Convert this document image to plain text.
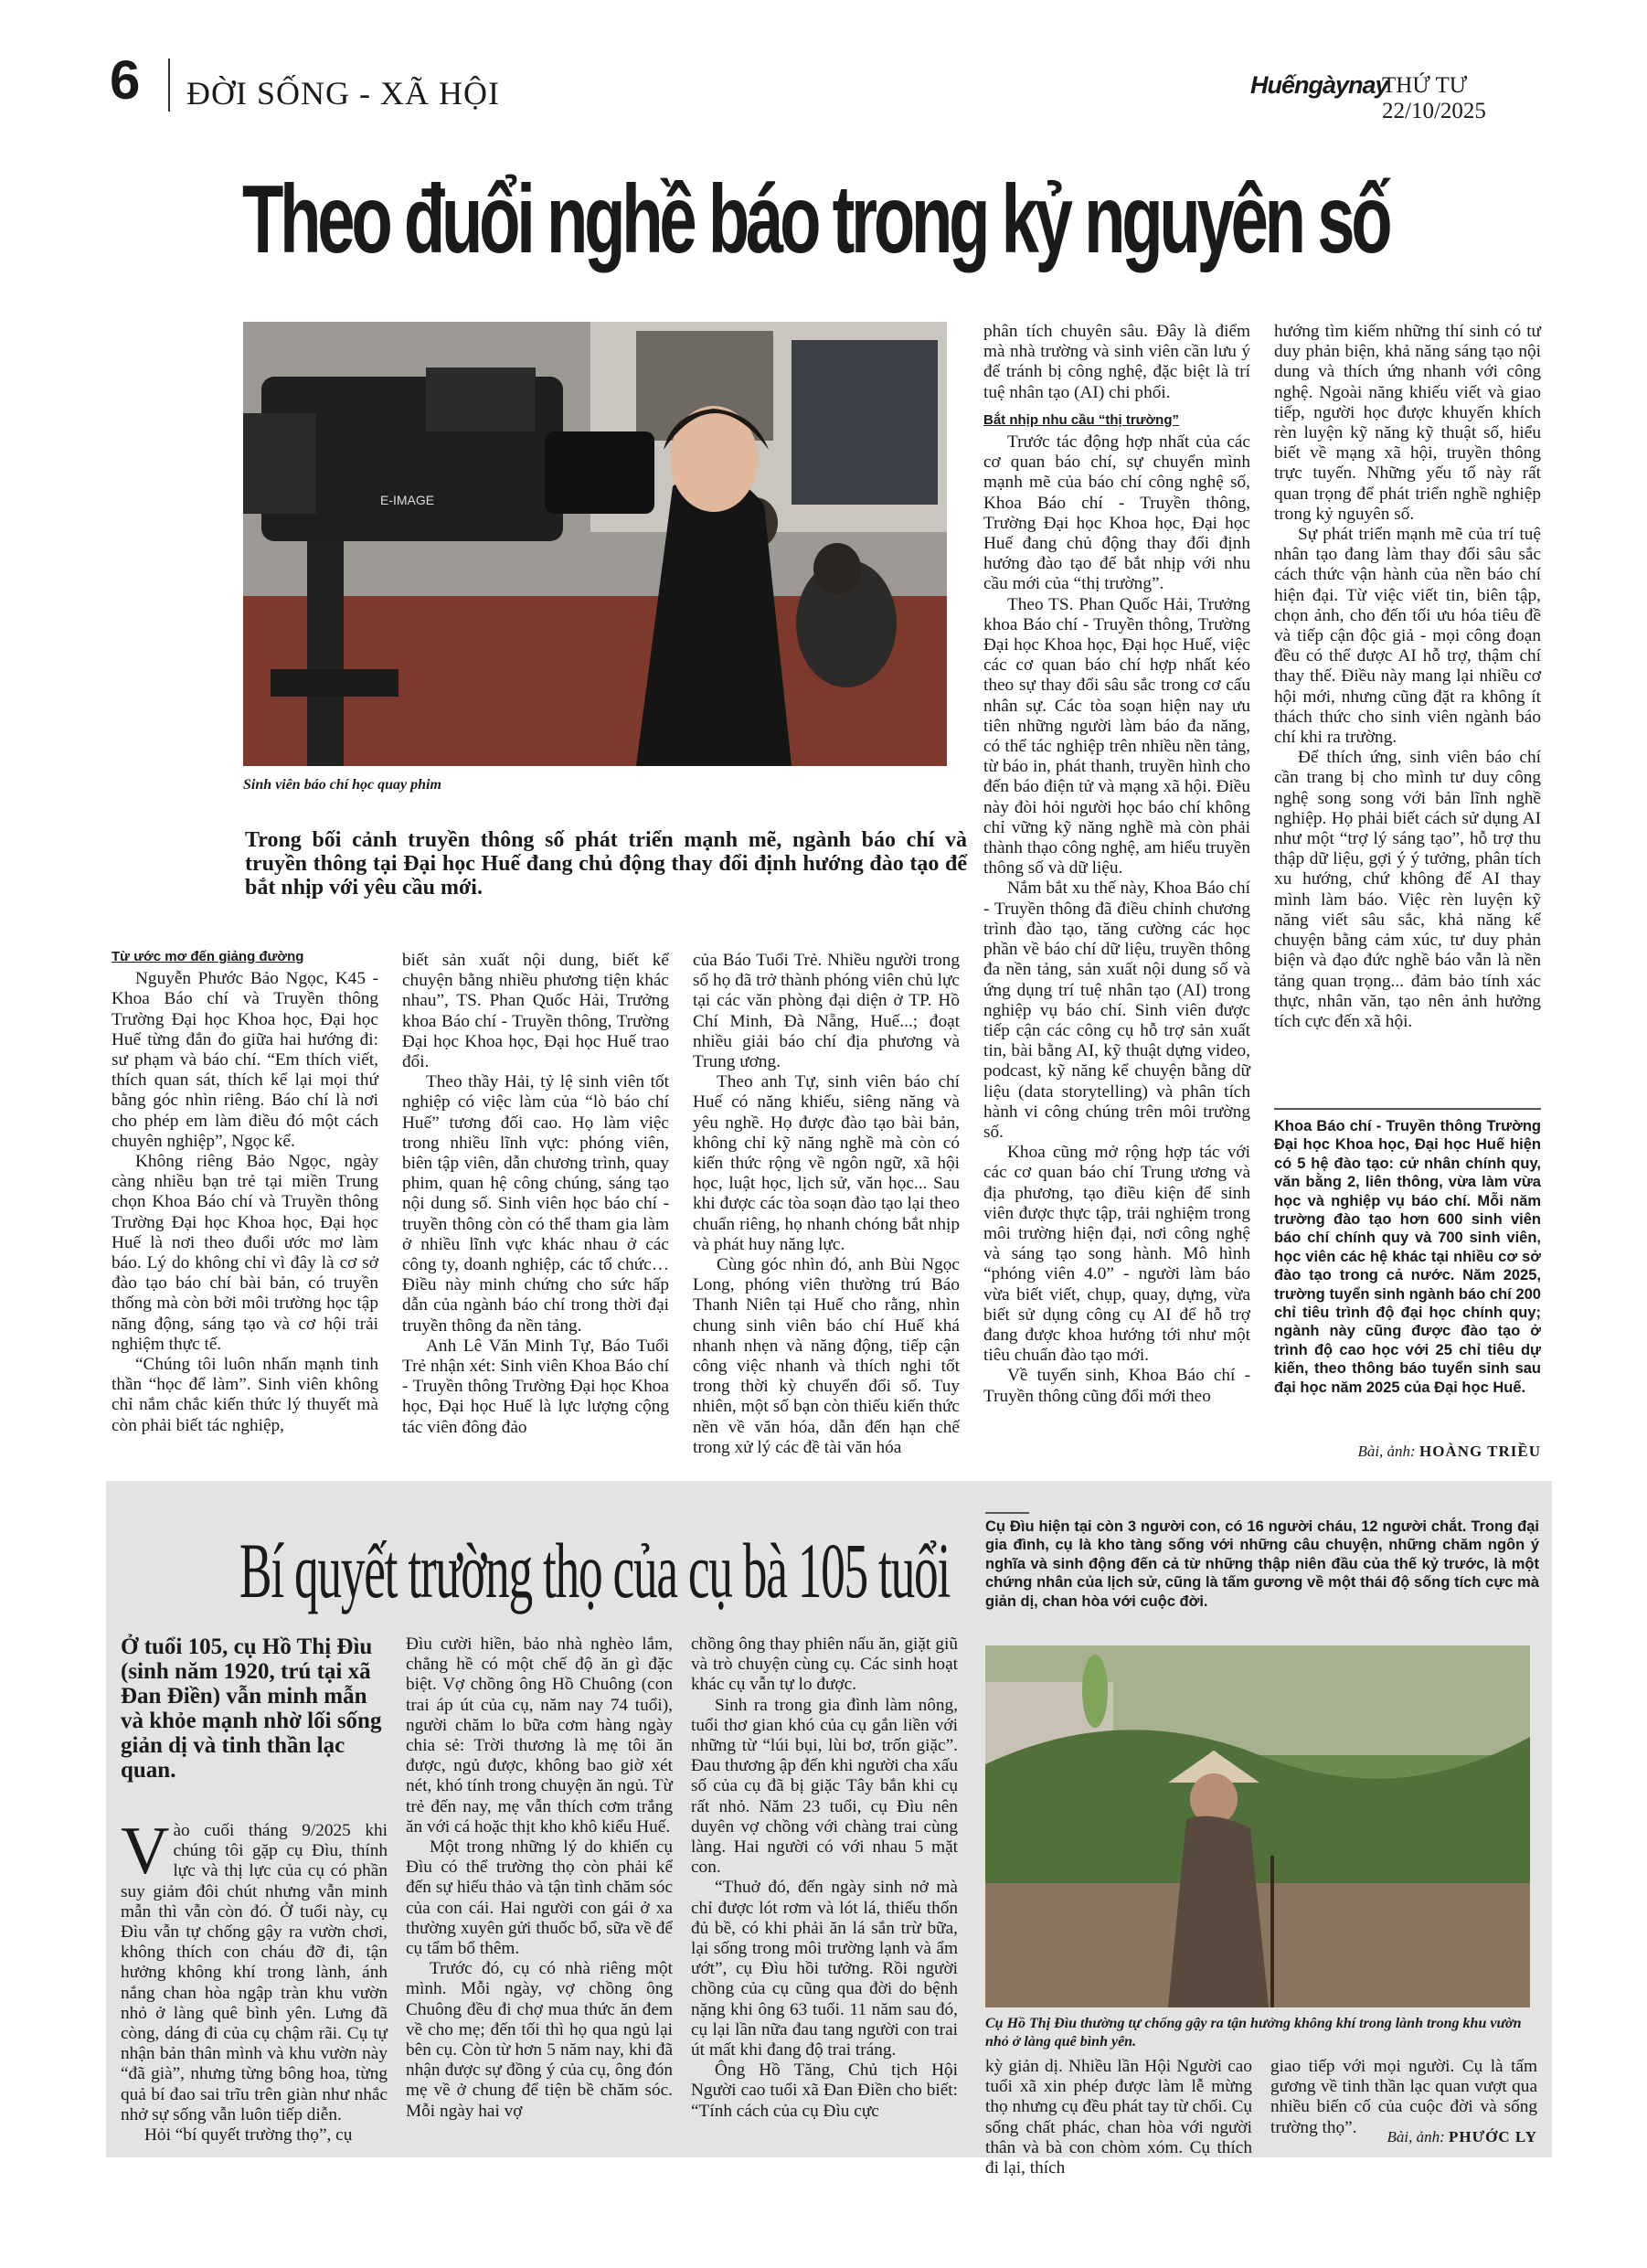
6 ĐỜI SỐNG - XÃ HỘI	Huếngàynay
THỨ TƯ 22/10/2025
Theo đuổi nghề báo trong kỷ nguyên số
E-IMAGE
Sinh viên báo chí học quay phim
Trong bối cảnh truyền thông số phát triển mạnh mẽ, ngành báo chí và truyền thông tại Đại học Huế đang chủ động thay đổi định hướng đào tạo để bắt nhịp với yêu cầu mới.

Từ ước mơ đến giảng đường

Nguyễn Phước Bảo Ngọc, K45 - Khoa Báo chí và Truyền thông Trường Đại học Khoa học, Đại học Huế từng đắn đo giữa hai hướng đi: sư phạm và báo chí. “Em thích viết, thích quan sát, thích kể lại mọi thứ bằng góc nhìn riêng. Báo chí là nơi cho phép em làm điều đó một cách chuyên nghiệp”, Ngọc kể.

Không riêng Bảo Ngọc, ngày càng nhiều bạn trẻ tại miền Trung chọn Khoa Báo chí và Truyền thông Trường Đại học Khoa học, Đại học Huế là nơi theo đuổi ước mơ làm báo. Lý do không chỉ vì đây là cơ sở đào tạo báo chí bài bản, có truyền thống mà còn bởi môi trường học tập năng động, sáng tạo và cơ hội trải nghiệm thực tế.

“Chúng tôi luôn nhấn mạnh tinh thần “học để làm”. Sinh viên không chỉ nắm chắc kiến thức lý thuyết mà còn phải biết tác nghiệp,

biết sản xuất nội dung, biết kể chuyện bằng nhiều phương tiện khác nhau”, TS. Phan Quốc Hải, Trưởng khoa Báo chí - Truyền thông, Trường Đại học Khoa học, Đại học Huế trao đổi.

Theo thầy Hải, tỷ lệ sinh viên tốt nghiệp có việc làm của “lò báo chí Huế” tương đối cao. Họ làm việc trong nhiều lĩnh vực: phóng viên, biên tập viên, dẫn chương trình, quay phim, quan hệ công chúng, sáng tạo nội dung số. Sinh viên học báo chí - truyền thông còn có thể tham gia làm ở nhiều lĩnh vực khác nhau ở các công ty, doanh nghiệp, các tổ chức… Điều này minh chứng cho sức hấp dẫn của ngành báo chí trong thời đại truyền thông đa nền tảng.

Anh Lê Văn Minh Tự, Báo Tuổi Trẻ nhận xét: Sinh viên Khoa Báo chí - Truyền thông Trường Đại học Khoa học, Đại học Huế là lực lượng cộng tác viên đông đảo

của Báo Tuổi Trẻ. Nhiều người trong số họ đã trở thành phóng viên chủ lực tại các văn phòng đại diện ở TP. Hồ Chí Minh, Đà Nẵng, Huế...; đoạt nhiều giải báo chí địa phương và Trung ương.

Theo anh Tự, sinh viên báo chí Huế có năng khiếu, siêng năng và yêu nghề. Họ được đào tạo bài bản, không chỉ kỹ năng nghề mà còn có kiến thức rộng về ngôn ngữ, xã hội học, luật học, lịch sử, văn học... Sau khi được các tòa soạn đào tạo lại theo chuẩn riêng, họ nhanh chóng bắt nhịp và phát huy năng lực.

Cùng góc nhìn đó, anh Bùi Ngọc Long, phóng viên thường trú Báo Thanh Niên tại Huế cho rằng, nhìn chung sinh viên báo chí Huế khá nhanh nhẹn và năng động, tiếp cận công việc nhanh và thích nghi tốt trong thời kỳ chuyển đổi số. Tuy nhiên, một số bạn còn thiếu kiến thức nền về văn hóa, dẫn đến hạn chế trong xử lý các đề tài văn hóa

phân tích chuyên sâu. Đây là điểm mà nhà trường và sinh viên cần lưu ý để tránh bị công nghệ, đặc biệt là trí tuệ nhân tạo (AI) chi phối.

Bắt nhịp nhu cầu “thị trường”

Trước tác động hợp nhất của các cơ quan báo chí, sự chuyển mình mạnh mẽ của báo chí công nghệ số, Khoa Báo chí - Truyền thông, Trường Đại học Khoa học, Đại học Huế đang chủ động thay đổi định hướng đào tạo để bắt nhịp với nhu cầu mới của “thị trường”.

Theo TS. Phan Quốc Hải, Trưởng khoa Báo chí - Truyền thông, Trường Đại học Khoa học, Đại học Huế, việc các cơ quan báo chí hợp nhất kéo theo sự thay đổi sâu sắc trong cơ cấu nhân sự. Các tòa soạn hiện nay ưu tiên những người làm báo đa năng, có thể tác nghiệp trên nhiều nền tảng, từ báo in, phát thanh, truyền hình cho đến báo điện tử và mạng xã hội. Điều này đòi hỏi người học báo chí không chỉ vững kỹ năng nghề mà còn phải thành thạo công nghệ, am hiểu truyền thông số và dữ liệu.

Nắm bắt xu thế này, Khoa Báo chí - Truyền thông đã điều chỉnh chương trình đào tạo, tăng cường các học phần về báo chí dữ liệu, truyền thông đa nền tảng, sản xuất nội dung số và ứng dụng trí tuệ nhân tạo (AI) trong nghiệp vụ báo chí. Sinh viên được tiếp cận các công cụ hỗ trợ sản xuất tin, bài bằng AI, kỹ thuật dựng video, podcast, kỹ năng kể chuyện bằng dữ liệu (data storytelling) và phân tích hành vi công chúng trên môi trường số.

Khoa cũng mở rộng hợp tác với các cơ quan báo chí Trung ương và địa phương, tạo điều kiện để sinh viên được thực tập, trải nghiệm trong môi trường hiện đại, nơi công nghệ và sáng tạo song hành. Mô hình “phóng viên 4.0” - người làm báo vừa biết viết, chụp, quay, dựng, vừa biết sử dụng công cụ AI để hỗ trợ đang được khoa hướng tới như một tiêu chuẩn đào tạo mới.

Về tuyển sinh, Khoa Báo chí - Truyền thông cũng đổi mới theo

hướng tìm kiếm những thí sinh có tư duy phản biện, khả năng sáng tạo nội dung và thích ứng nhanh với công nghệ. Ngoài năng khiếu viết và giao tiếp, người học được khuyến khích rèn luyện kỹ năng kỹ thuật số, hiểu biết về mạng xã hội, truyền thông trực tuyến. Những yếu tố này rất quan trọng để phát triển nghề nghiệp trong kỷ nguyên số.

Sự phát triển mạnh mẽ của trí tuệ nhân tạo đang làm thay đổi sâu sắc cách thức vận hành của nền báo chí hiện đại. Từ việc viết tin, biên tập, chọn ảnh, cho đến tối ưu hóa tiêu đề và tiếp cận độc giả - mọi công đoạn đều có thể được AI hỗ trợ, thậm chí thay thế. Điều này mang lại nhiều cơ hội mới, nhưng cũng đặt ra không ít thách thức cho sinh viên ngành báo chí khi ra trường.

Để thích ứng, sinh viên báo chí cần trang bị cho mình tư duy công nghệ song song với bản lĩnh nghề nghiệp. Họ phải biết cách sử dụng AI như một “trợ lý sáng tạo”, hỗ trợ thu thập dữ liệu, gợi ý ý tưởng, phân tích xu hướng, chứ không để AI thay mình làm báo. Việc rèn luyện kỹ năng viết sâu sắc, khả năng kể chuyện bằng cảm xúc, tư duy phản biện và đạo đức nghề báo vẫn là nền tảng quan trọng... đảm bảo tính xác thực, nhân văn, tạo nên ảnh hưởng tích cực đến xã hội.

Khoa Báo chí - Truyền thông Trường Đại học Khoa học, Đại học Huế hiện có 5 hệ đào tạo: cử nhân chính quy, văn bằng 2, liên thông, vừa làm vừa học và nghiệp vụ báo chí. Mỗi năm trường đào tạo hơn 600 sinh viên báo chí chính quy và 700 sinh viên, học viên các hệ khác tại nhiều cơ sở đào tạo trong cả nước. Năm 2025, trường tuyển sinh ngành báo chí 200 chỉ tiêu trình độ đại học chính quy; ngành này cũng được đào tạo ở trình độ cao học với 25 chỉ tiêu dự kiến, theo thông báo tuyển sinh sau đại học năm 2025 của Đại học Huế.
Bài, ảnh: HOÀNG TRIỀU
Bí quyết trường thọ của cụ bà 105 tuổi
Ở tuổi 105, cụ Hồ Thị Đìu (sinh năm 1920, trú tại xã Đan Điền) vẫn minh mẫn và khỏe mạnh nhờ lối sống giản dị và tinh thần lạc quan.

Vào cuối tháng 9/2025 khi chúng tôi gặp cụ Đìu, thính lực và thị lực của cụ có phần suy giảm đôi chút nhưng vẫn minh mẫn thì vẫn còn đó. Ở tuổi này, cụ Đìu vẫn tự chống gậy ra vườn chơi, không thích con cháu đỡ đi, tận hưởng không khí trong lành, ánh nắng chan hòa ngập tràn khu vườn nhỏ ở làng quê bình yên. Lưng đã còng, dáng đi của cụ chậm rãi. Cụ tự nhận bản thân mình và khu vườn này “đã già”, nhưng từng bông hoa, từng quả bí đao sai trĩu trên giàn như nhắc nhở sự sống vẫn luôn tiếp diễn.

Hỏi “bí quyết trường thọ”, cụ

Đìu cười hiền, bảo nhà nghèo lắm, chẳng hề có một chế độ ăn gì đặc biệt. Vợ chồng ông Hồ Chuông (con trai áp út của cụ, năm nay 74 tuổi), người chăm lo bữa cơm hàng ngày chia sẻ: Trời thương là mẹ tôi ăn được, ngủ được, không bao giờ xét nét, khó tính trong chuyện ăn ngủ. Từ trẻ đến nay, mẹ vẫn thích cơm trắng ăn với cá hoặc thịt kho khô kiểu Huế.

Một trong những lý do khiến cụ Đìu có thể trường thọ còn phải kể đến sự hiếu thảo và tận tình chăm sóc của con cái. Hai người con gái ở xa thường xuyên gửi thuốc bổ, sữa về để cụ tẩm bổ thêm.

Trước đó, cụ có nhà riêng một mình. Mỗi ngày, vợ chồng ông Chuông đều đi chợ mua thức ăn đem về cho mẹ; đến tối thì họ qua ngủ lại bên cụ. Còn từ hơn 5 năm nay, khi đã nhận được sự đồng ý của cụ, ông đón mẹ về ở chung để tiện bề chăm sóc. Mỗi ngày hai vợ

chồng ông thay phiên nấu ăn, giặt giũ và trò chuyện cùng cụ. Các sinh hoạt khác cụ vẫn tự lo được.

Sinh ra trong gia đình làm nông, tuổi thơ gian khó của cụ gắn liền với những từ “lúi bụi, lùi bơ, trốn giặc”. Đau thương ập đến khi người cha xấu số của cụ đã bị giặc Tây bắn khi cụ rất nhỏ. Năm 23 tuổi, cụ Đìu nên duyên vợ chồng với chàng trai cùng làng. Hai người có với nhau 5 mặt con.

“Thuở đó, đến ngày sinh nở mà chỉ được lót rơm và lót lá, thiếu thốn đủ bề, có khi phải ăn lá sắn trừ bữa, lại sống trong môi trường lạnh và ẩm ướt”, cụ Đìu hồi tưởng. Rồi người chồng của cụ cũng qua đời do bệnh nặng khi ông 63 tuổi. 11 năm sau đó, cụ lại lần nữa đau tang người con trai út mất khi đang độ trai tráng.

Ông Hồ Tăng, Chủ tịch Hội Người cao tuổi xã Đan Điền cho biết: “Tính cách của cụ Đìu cực

Cụ Đìu hiện tại còn 3 người con, có 16 người cháu, 12 người chắt. Trong đại gia đình, cụ là kho tàng sống với những câu chuyện, những chăm ngôn ý nghĩa và sinh động đến cả từ những thập niên đầu của thế kỷ trước, là một chứng nhân của lịch sử, cũng là tấm gương về một thái độ sống tích cực mà giản dị, chan hòa với cuộc đời.
Cụ Hồ Thị Đìu thường tự chống gậy ra tận hưởng không khí trong lành trong khu vườn nhỏ ở làng quê bình yên.

kỳ giản dị. Nhiều lần Hội Người cao tuổi xã xin phép được làm lễ mừng thọ nhưng cụ đều phát tay từ chối. Cụ sống chất phác, chan hòa với người thân và bà con chòm xóm. Cụ thích đi lại, thích

giao tiếp với mọi người. Cụ là tấm gương về tinh thần lạc quan vượt qua nhiều biến cố của cuộc đời và sống trường thọ”.	Bài, ảnh: PHƯỚC LY
